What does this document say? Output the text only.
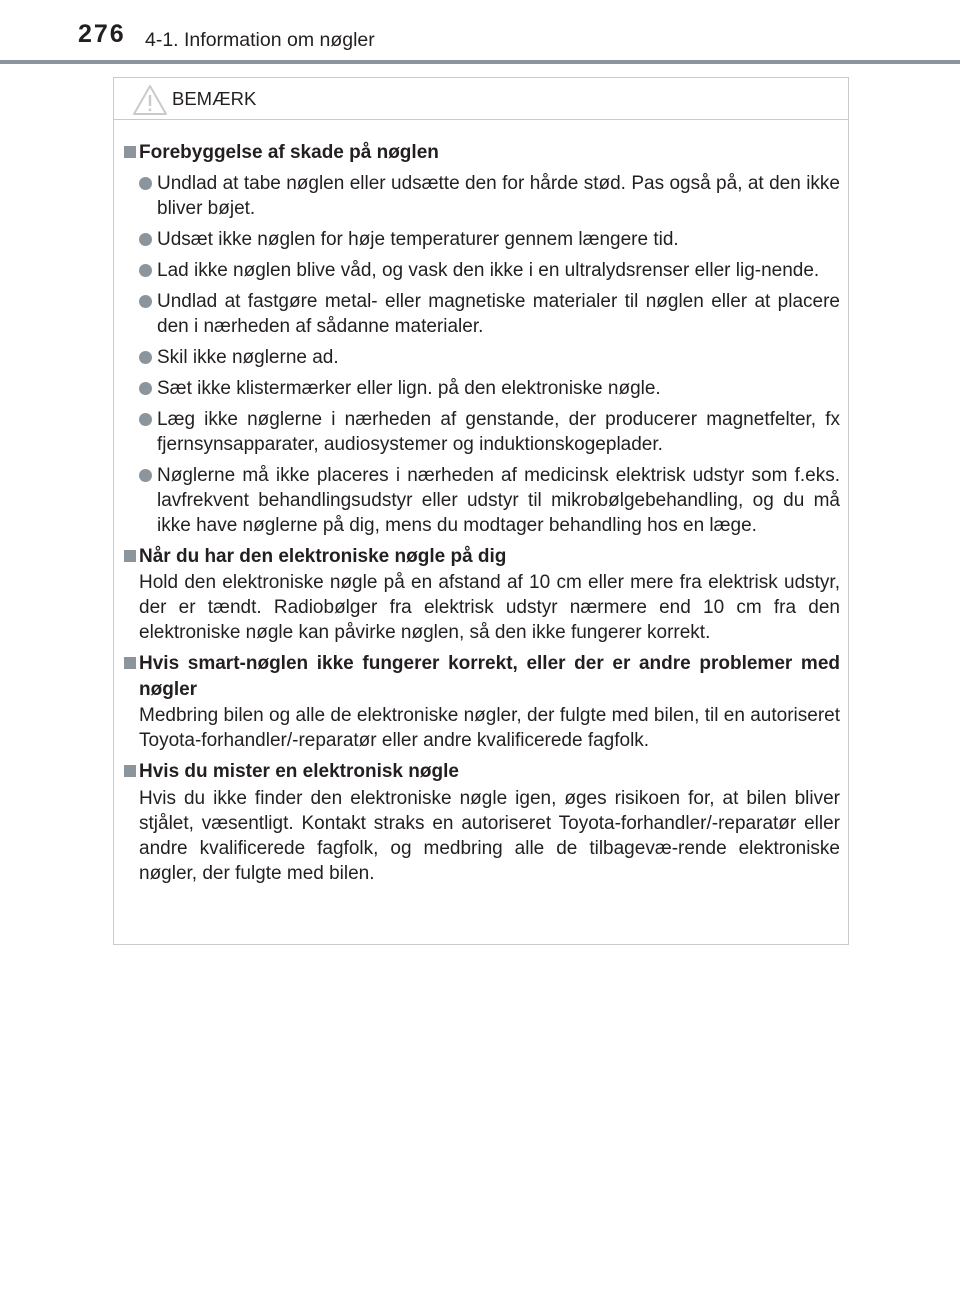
276 4-1. Information om nøgler
BEMÆRK
Forebyggelse af skade på nøglen
Undlad at tabe nøglen eller udsætte den for hårde stød. Pas også på, at den ikke bliver bøjet.
Udsæt ikke nøglen for høje temperaturer gennem længere tid.
Lad ikke nøglen blive våd, og vask den ikke i en ultralydsrenser eller lig-nende.
Undlad at fastgøre metal- eller magnetiske materialer til nøglen eller at placere den i nærheden af sådanne materialer.
Skil ikke nøglerne ad.
Sæt ikke klistermærker eller lign. på den elektroniske nøgle.
Læg ikke nøglerne i nærheden af genstande, der producerer magnetfelter, fx fjernsynsapparater, audiosystemer og induktionskogeplader.
Nøglerne må ikke placeres i nærheden af medicinsk elektrisk udstyr som f.eks. lavfrekvent behandlingsudstyr eller udstyr til mikrobølgebehandling, og du må ikke have nøglerne på dig, mens du modtager behandling hos en læge.
Når du har den elektroniske nøgle på dig
Hold den elektroniske nøgle på en afstand af 10 cm eller mere fra elektrisk udstyr, der er tændt. Radiobølger fra elektrisk udstyr nærmere end 10 cm fra den elektroniske nøgle kan påvirke nøglen, så den ikke fungerer korrekt.
Hvis smart-nøglen ikke fungerer korrekt, eller der er andre problemer med nøgler
Medbring bilen og alle de elektroniske nøgler, der fulgte med bilen, til en autoriseret Toyota-forhandler/-reparatør eller andre kvalificerede fagfolk.
Hvis du mister en elektronisk nøgle
Hvis du ikke finder den elektroniske nøgle igen, øges risikoen for, at bilen bliver stjålet, væsentligt. Kontakt straks en autoriseret Toyota-forhandler/-reparatør eller andre kvalificerede fagfolk, og medbring alle de tilbagevæ-rende elektroniske nøgler, der fulgte med bilen.
